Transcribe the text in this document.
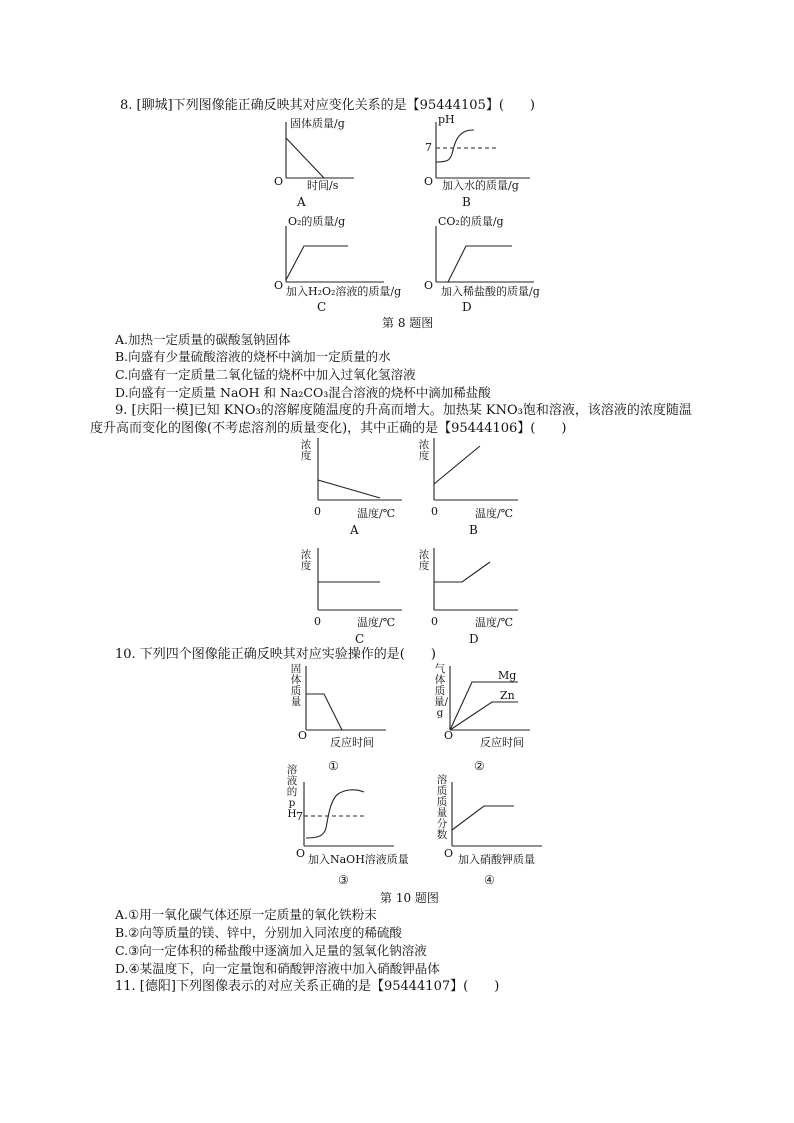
8. [聊城]下列图像能正确反映其对应变化关系的是【95444105】(　　)
固体质量/g
O 时间/s
A
pH
7
O 加入水的质量/g
B
O₂的质量/g
O 加入H₂O₂溶液的质量/g
C
CO₂的质量/g
O 加入稀盐酸的质量/g
D
第 8 题图
A.加热一定质量的碳酸氢钠固体
B.向盛有少量硫酸溶液的烧杯中滴加一定质量的水
C.向盛有一定质量二氧化锰的烧杯中加入过氧化氢溶液
D.向盛有一定质量 NaOH 和 Na₂CO₃混合溶液的烧杯中滴加稀盐酸
9. [庆阳一模]已知 KNO₃的溶解度随温度的升高而增大。加热某 KNO₃饱和溶液，该溶液的浓度随温
度升高而变化的图像(不考虑溶剂的质量变化)，其中正确的是【95444106】(　　)
浓度
0	温度/℃
A
浓度
0	温度/℃
B
浓度
0	温度/℃
C
浓度
0	温度/℃
D
10. 下列四个图像能正确反映其对应实验操作的是(　　)
固体质量
O
反应时间
①
气体质量/g
Mg
Zn
O
反应时间
②
溶液的pH 7
O 加入NaOH溶液质量
③
溶质质量分数
O 加入硝酸钾质量
④
第 10 题图
A.①用一氧化碳气体还原一定质量的氧化铁粉末
B.②向等质量的镁、锌中，分别加入同浓度的稀硫酸
C.③向一定体积的稀盐酸中逐滴加入足量的氢氧化钠溶液
D.④某温度下，向一定量饱和硝酸钾溶液中加入硝酸钾晶体
11. [德阳]下列图像表示的对应关系正确的是【95444107】(　　)
